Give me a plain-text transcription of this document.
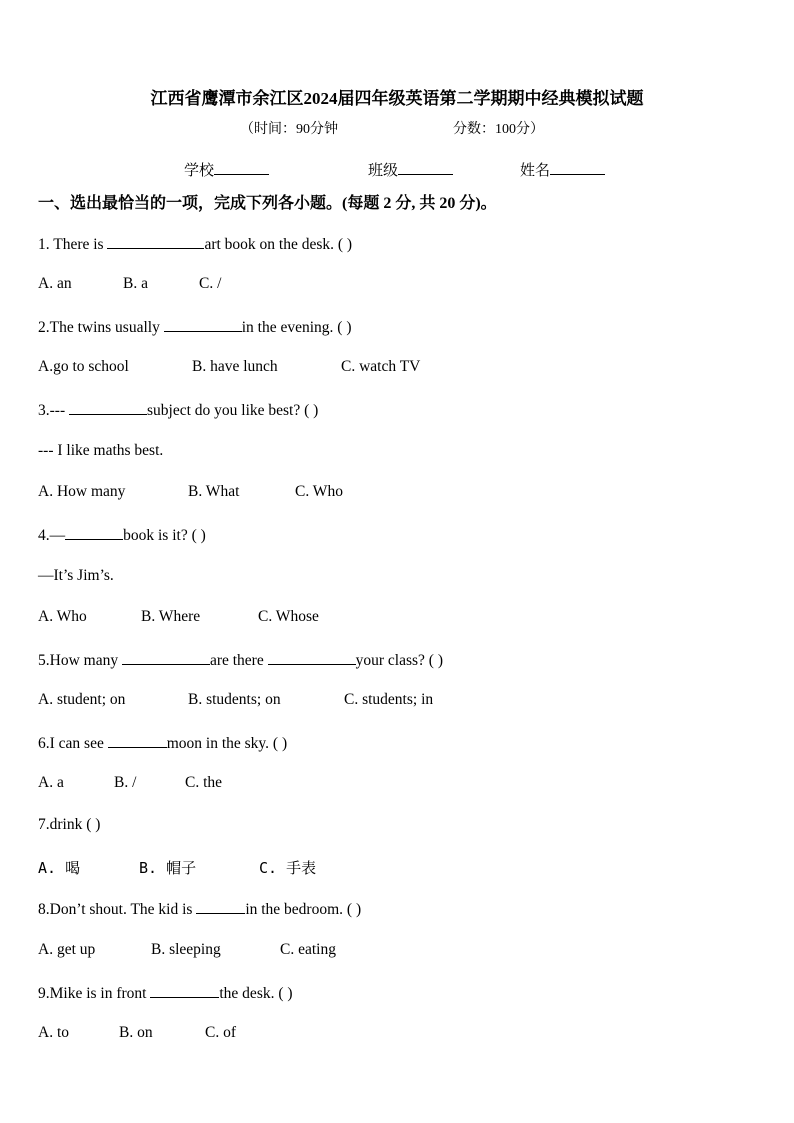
江西省鹰潭市余江区2024届四年级英语第二学期期中经典模拟试题
（时间：90分钟	分数：100分）
学校	班级	姓名
一、选出最恰当的一项，完成下列各小题。(每题 2 分, 共 20 分)。
1. There is	art book on the desk. ( )
A. an	B. a	C. /
2.The twins usually	in the evening. ( )
A.go to school	B. have lunch	C. watch TV
3.---	subject do you like best? ( )
--- I like maths best.
A. How many	B. What	C. Who
4.—	book is it? ( )
—It’s Jim’s.
A. Who	B. Where	C. Whose
5.How many	are there	your class? ( )
A. student; on	B. students; on	C. students; in
6.I can see	moon in the sky. ( )
A. a	B. /	C. the
7.drink ( )
A. 喝	B. 帽子	C. 手表
8.Don’t shout. The kid is	in the bedroom. ( )
A. get up	B. sleeping	C. eating
9.Mike is in front	the desk. ( )
A. to	B. on	C. of
